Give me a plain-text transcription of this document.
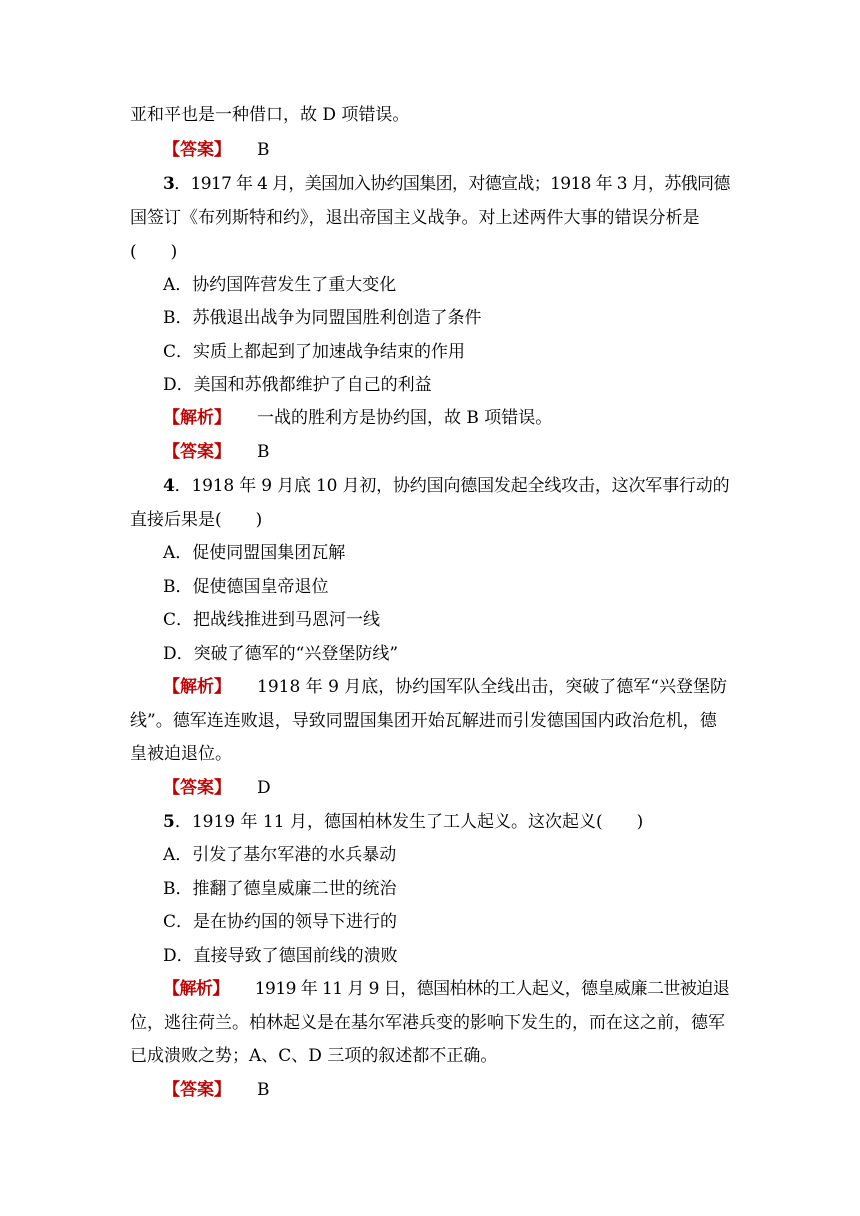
亚和平也是一种借口，故 D 项错误。
【答案】 B
3．1917 年 4 月，美国加入协约国集团，对德宣战；1918 年 3 月，苏俄同德
国签订《布列斯特和约》，退出帝国主义战争。对上述两件大事的错误分析是
(　　)
A．协约国阵营发生了重大变化
B．苏俄退出战争为同盟国胜利创造了条件
C．实质上都起到了加速战争结束的作用
D．美国和苏俄都维护了自己的利益
【解析】 一战的胜利方是协约国，故 B 项错误。
【答案】 B
4．1918 年 9 月底 10 月初，协约国向德国发起全线攻击，这次军事行动的
直接后果是(　　)
A．促使同盟国集团瓦解
B．促使德国皇帝退位
C．把战线推进到马恩河一线
D．突破了德军的“兴登堡防线”
【解析】 1918 年 9 月底，协约国军队全线出击，突破了德军“兴登堡防
线”。德军连连败退，导致同盟国集团开始瓦解进而引发德国国内政治危机，德
皇被迫退位。
【答案】 D
5．1919 年 11 月，德国柏林发生了工人起义。这次起义(　　)
A．引发了基尔军港的水兵暴动
B．推翻了德皇威廉二世的统治
C．是在协约国的领导下进行的
D．直接导致了德国前线的溃败
【解析】 1919 年 11 月 9 日，德国柏林的工人起义，德皇威廉二世被迫退
位，逃往荷兰。柏林起义是在基尔军港兵变的影响下发生的，而在这之前，德军
已成溃败之势；A、C、D 三项的叙述都不正确。
【答案】 B
